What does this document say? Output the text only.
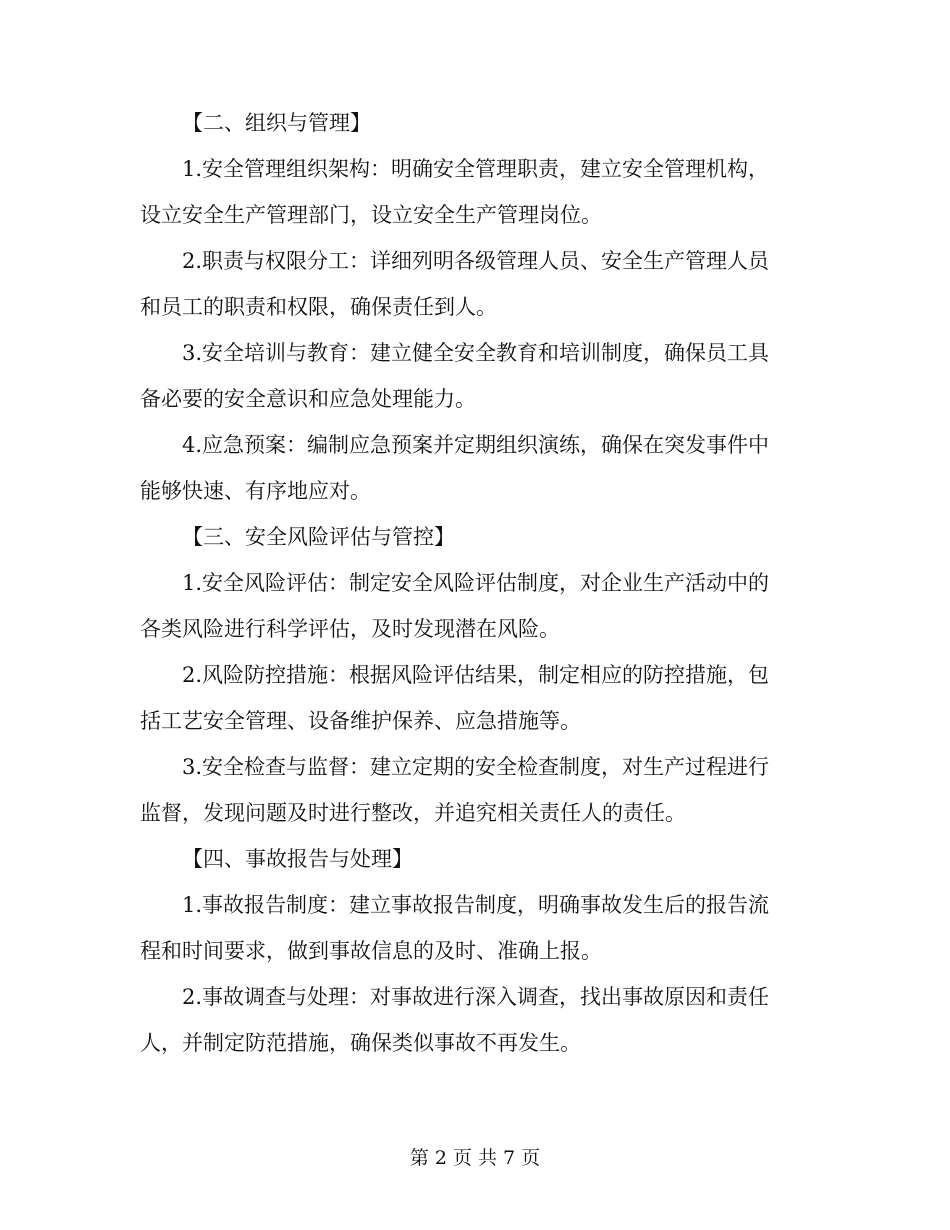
【二、组织与管理】
1.安全管理组织架构：明确安全管理职责，建立安全管理机构，
设立安全生产管理部门，设立安全生产管理岗位。
2.职责与权限分工：详细列明各级管理人员、安全生产管理人员
和员工的职责和权限，确保责任到人。
3.安全培训与教育：建立健全安全教育和培训制度，确保员工具
备必要的安全意识和应急处理能力。
4.应急预案：编制应急预案并定期组织演练，确保在突发事件中
能够快速、有序地应对。
【三、安全风险评估与管控】
1.安全风险评估：制定安全风险评估制度，对企业生产活动中的
各类风险进行科学评估，及时发现潜在风险。
2.风险防控措施：根据风险评估结果，制定相应的防控措施，包
括工艺安全管理、设备维护保养、应急措施等。
3.安全检查与监督：建立定期的安全检查制度，对生产过程进行
监督，发现问题及时进行整改，并追究相关责任人的责任。
【四、事故报告与处理】
1.事故报告制度：建立事故报告制度，明确事故发生后的报告流
程和时间要求，做到事故信息的及时、准确上报。
2.事故调查与处理：对事故进行深入调查，找出事故原因和责任
人，并制定防范措施，确保类似事故不再发生。
第 2 页 共 7 页
